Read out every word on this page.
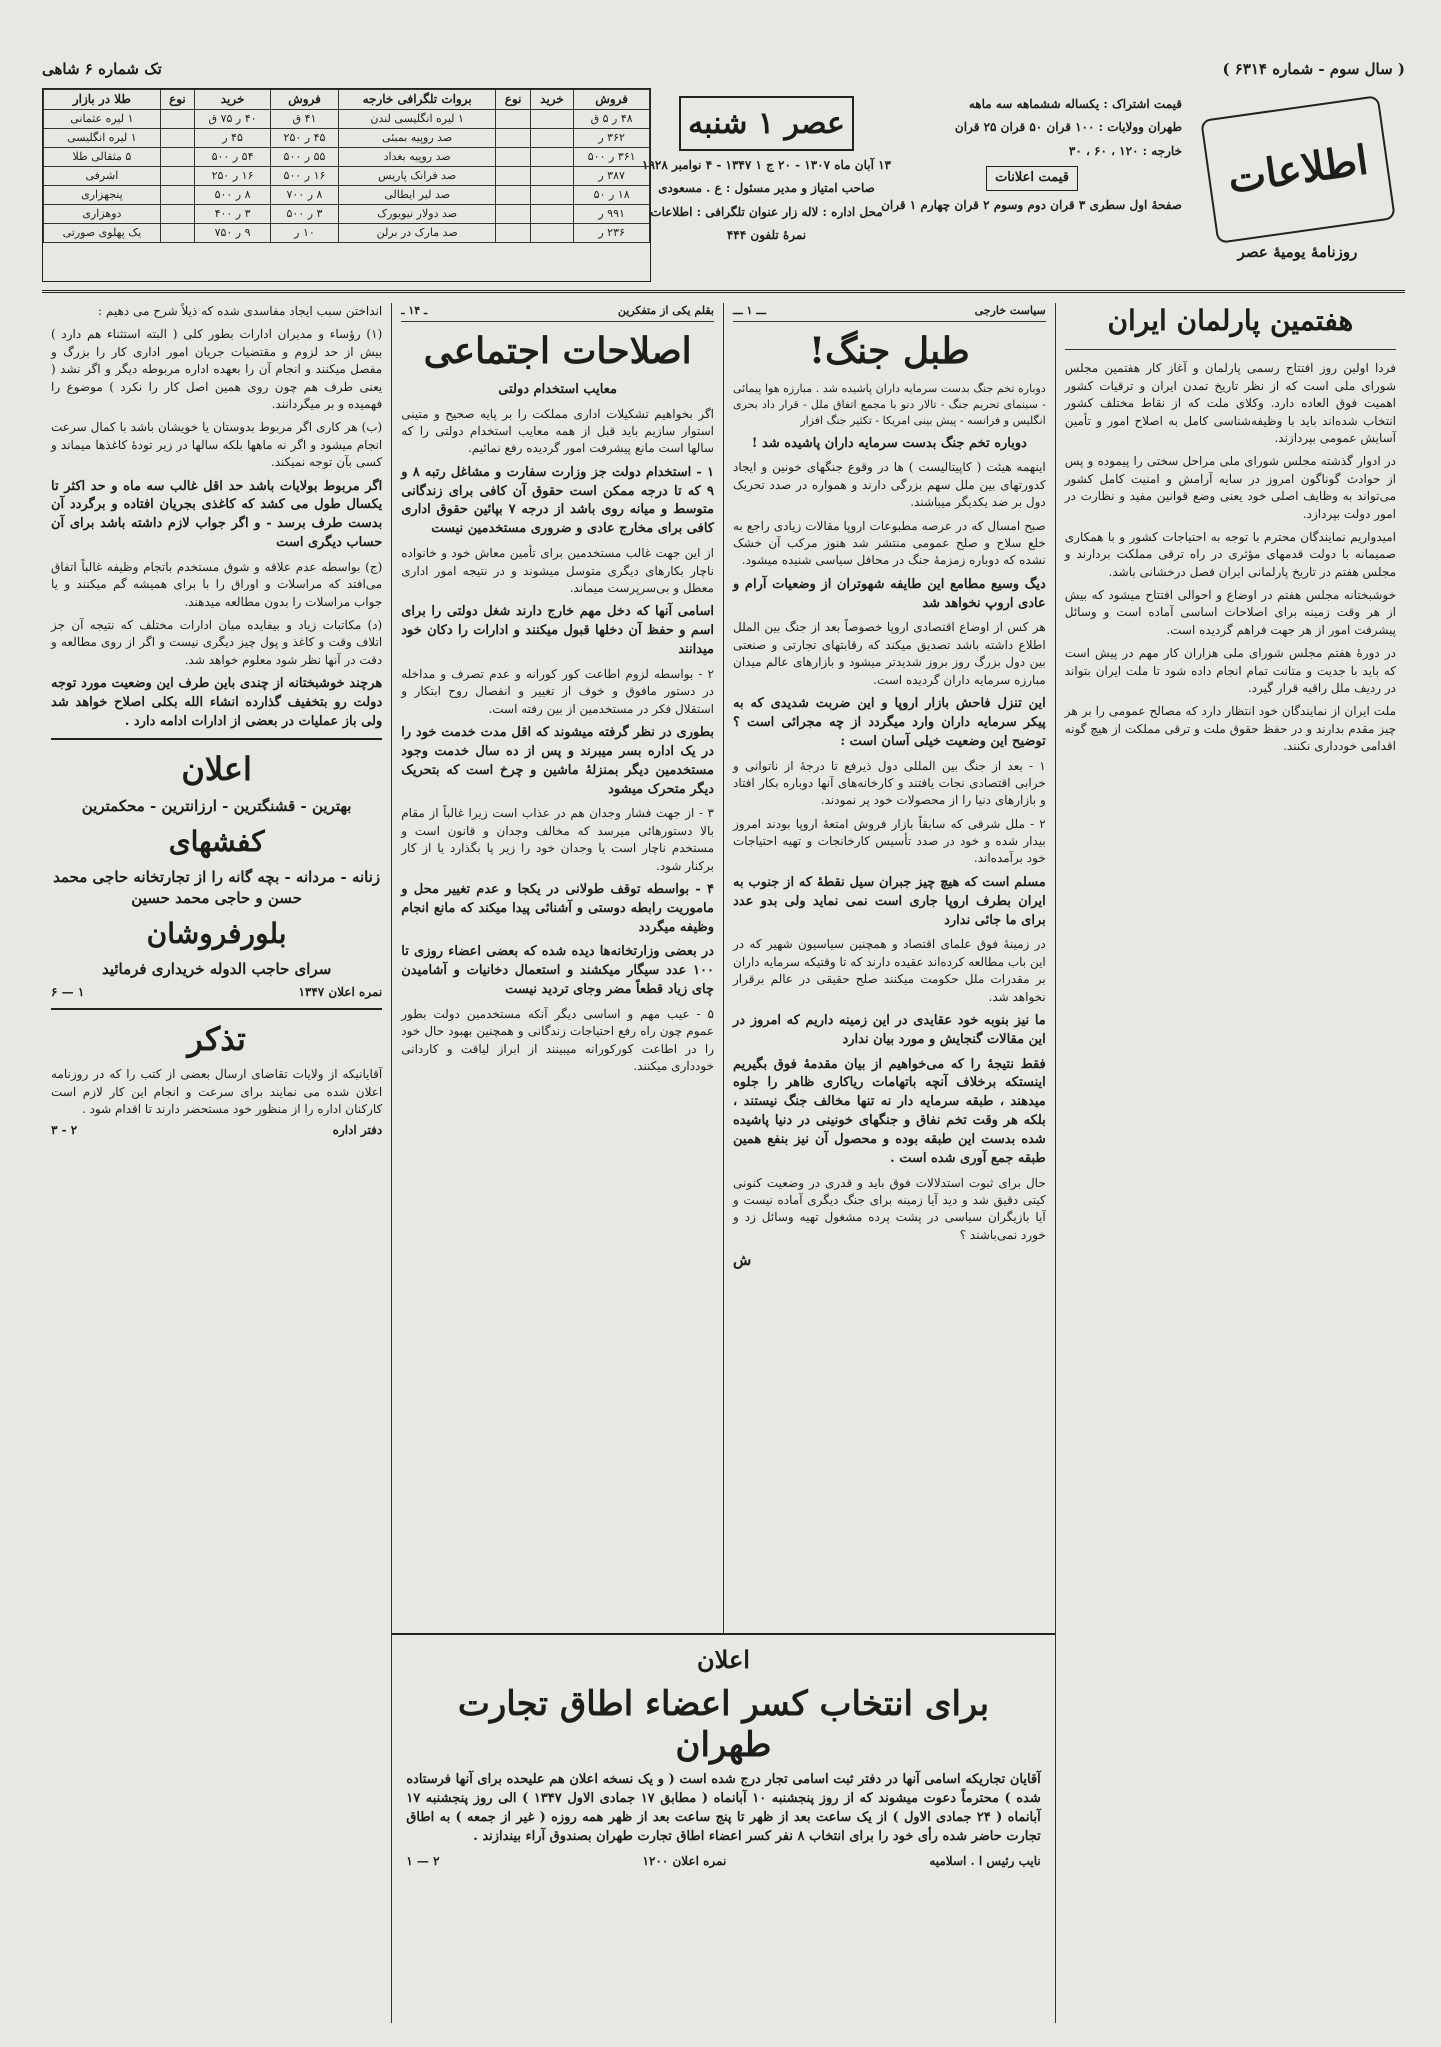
( سال سوم - شماره ۶۳۱۴ )
تک شماره ۶ شاهی
اطلاعات
روزنامهٔ یومیهٔ عصر
قیمت اشتراک : یکساله ششماهه سه ماهه
طهران وولایات : ۱۰۰ قران ۵۰ قران ۲۵ قران
خارجه : ۱۲۰ ، ۶۰ ، ۳۰
قیمت اعلانات
صفحهٔ اول سطری ۳ قران دوم وسوم ۲ قران چهارم ۱ قران
عصر ۱ شنبه
۱۳ آبان ماه ۱۳۰۷ - ۲۰ ج ۱ ۱۳۴۷ - ۴ نوامبر ۱۹۲۸
صاحب امتیاز و مدیر مسئول : ع . مسعودی
محل اداره : لاله زار عنوان تلگرافی : اطلاعات
نمرهٔ تلفون ۴۴۴
فروش	خرید	نوع	بروات تلگرافی خارجه	فروش	خرید	نوع	طلا در بازار
۴۸ ر ۵ ق			۱ لیره انگلیسی لندن	۴۱ ق	۴۰ ر ۷۵ ق		۱ لیره عثمانی
۳۶۲ ر			صد روپیه بمبئی	۴۵ ر ۲۵۰	۴۵ ر		۱ لیره انگلیسی
۳۶۱ ر ۵۰۰			صد روپیه بغداد	۵۵ ر ۵۰۰	۵۴ ر ۵۰۰		۵ مثقالی طلا
۳۸۷ ر			صد فرانک پاریس	۱۶ ر ۵۰۰	۱۶ ر ۲۵۰		اشرفی
۱۸ ر ۵۰			صد لیر ایطالی	۸ ر ۷۰۰	۸ ر ۵۰۰		پنجهزاری
۹۹۱ ر			صد دولار نیویورک	۳ ر ۵۰۰	۳ ر ۴۰۰		دوهزاری
۲۳۶ ر			صد مارک در برلن	۱۰ ر	۹ ر ۷۵۰		یک پهلوی صورتی
هفتمین پارلمان ایران
فردا اولین روز افتتاح رسمی پارلمان و آغاز کار هفتمین مجلس شورای ملی است که از نظر تاریخ تمدن ایران و ترقیات کشور اهمیت فوق العاده دارد. وکلای ملت که از نقاط مختلف کشور انتخاب شده‌اند باید با وظیفه‌شناسی کامل به اصلاح امور و تأمین آسایش عمومی بپردازند.
در ادوار گذشته مجلس شورای ملی مراحل سختی را پیموده و پس از حوادث گوناگون امروز در سایه آرامش و امنیت کامل کشور می‌تواند به وظایف اصلی خود یعنی وضع قوانین مفید و نظارت در امور دولت بپردازد.
امیدواریم نمایندگان محترم با توجه به احتیاجات کشور و با همکاری صمیمانه با دولت قدمهای مؤثری در راه ترقی مملکت بردارند و مجلس هفتم در تاریخ پارلمانی ایران فصل درخشانی باشد.
خوشبختانه مجلس هفتم در اوضاع و احوالی افتتاح میشود که بیش از هر وقت زمینه برای اصلاحات اساسی آماده است و وسائل پیشرفت امور از هر جهت فراهم گردیده است.
در دورهٔ هفتم مجلس شورای ملی هزاران کار مهم در پیش است که باید با جدیت و متانت تمام انجام داده شود تا ملت ایران بتواند در ردیف ملل راقیه قرار گیرد.
ملت ایران از نمایندگان خود انتظار دارد که مصالح عمومی را بر هر چیز مقدم بدارند و در حفظ حقوق ملت و ترقی مملکت از هیچ گونه اقدامی خودداری نکنند.
سیاست خارجی
ـــ ۱ ـــ
طبل جنگ!
دوباره تخم جنگ بدست سرمایه داران پاشیده شد . مبارزه هوا پیمائی - سینمای تحریم جنگ - تالار دنو با مجمع اتفاق ملل - قرار داد بحری انگلیس و فرانسه - پیش بینی امریکا - تکثیر جنگ افزار
دوباره تخم جنگ بدست سرمایه داران پاشیده شد !
اینهمه هیئت ( کاپیتالیست ) ها در وقوع جنگهای خونین و ایجاد کدورتهای بین ملل سهم بزرگی دارند و همواره در صدد تحریک دول بر ضد یکدیگر میباشند.
صبح امسال که در عرصه مطبوعات اروپا مقالات زیادی راجع به خلع سلاح و صلح عمومی منتشر شد هنوز مرکب آن خشک نشده که دوباره زمزمهٔ جنگ در محافل سیاسی شنیده میشود.
دیگ وسیع مطامع این طایفه شهوتران از وضعیات آرام و عادی اروپ نخواهد شد
هر کس از اوضاع اقتصادی اروپا خصوصاً بعد از جنگ بین الملل اطلاع داشته باشد تصدیق میکند که رقابتهای تجارتی و صنعتی بین دول بزرگ روز بروز شدیدتر میشود و بازارهای عالم میدان مبارزه سرمایه داران گردیده است.
این تنزل فاحش بازار اروپا و این ضربت شدیدی که به پیکر سرمایه داران وارد میگردد از چه مجرائی است ؟ توضیح این وضعیت خیلی آسان است :
۱ - بعد از جنگ بین المللی دول ذیرفع تا درجهٔ از ناتوانی و خرابی اقتصادی نجات یافتند و کارخانه‌های آنها دوباره بکار افتاد و بازارهای دنیا را از محصولات خود پر نمودند.
۲ - ملل شرقی که سابقاً بازار فروش امتعهٔ اروپا بودند امروز بیدار شده و خود در صدد تأسیس کارخانجات و تهیه احتیاجات خود برآمده‌اند.
مسلم است که هیچ چیز جبران سیل نقطهٔ که از جنوب به ایران بطرف اروپا جاری است نمی نماید ولی بدو عدد برای ما جائی ندارد
در زمینهٔ فوق علمای اقتصاد و همچنین سیاسیون شهیر که در این باب مطالعه کرده‌اند عقیده دارند که تا وقتیکه سرمایه داران بر مقدرات ملل حکومت میکنند صلح حقیقی در عالم برقرار نخواهد شد.
ما نیز بنوبه خود عقایدی در این زمینه داریم که امروز در این مقالات گنجایش و مورد بیان ندارد
فقط نتیجهٔ را که می‌خواهیم از بیان مقدمهٔ فوق بگیریم اینستکه برخلاف آنچه باتهامات ریاکاری ظاهر را جلوه میدهند ، طبقه سرمایه دار نه تنها مخالف جنگ نیستند ، بلکه هر وقت تخم نفاق و جنگهای خونینی در دنیا پاشیده شده بدست این طبقه بوده و محصول آن نیز بنفع همین طبقه جمع آوری شده است .
حال برای ثبوت استدلالات فوق باید و قدری در وضعیت کنونی کیتی دقیق شد و دید آیا زمینه برای جنگ دیگری آماده نیست و آیا بازیگران سیاسی در پشت پرده مشغول تهیه وسائل زد و خورد نمی‌باشند ؟
ش
بقلم یکی از متفکرین
ـ ۱۴ ـ
اصلاحات اجتماعی
معایب استخدام دولتی
اگر بخواهیم تشکیلات اداری مملکت را بر پایه صحیح و متینی استوار سازیم باید قبل از همه معایب استخدام دولتی را که سالها است مانع پیشرفت امور گردیده رفع نمائیم.
۱ - استخدام دولت جز وزارت سفارت و مشاغل رتبه ۸ و ۹ که تا درجه ممکن است حقوق آن کافی برای زندگانی متوسط و میانه روی باشد از درجه ۷ بپائین حقوق اداری کافی برای مخارج عادی و ضروری مستخدمین نیست
از این جهت غالب مستخدمین برای تأمین معاش خود و خانواده ناچار بکارهای دیگری متوسل میشوند و در نتیجه امور اداری معطل و بی‌سرپرست میماند.
اسامی آنها که دخل مهم خارج دارند شغل دولتی را برای اسم و حفظ آن دخلها قبول میکنند و ادارات را دکان خود میدانند
۲ - بواسطه لزوم اطاعت کور کورانه و عدم تصرف و مداخله در دستور مافوق و خوف از تغییر و انفصال روح ابتکار و استقلال فکر در مستخدمین از بین رفته است.
بطوری در نظر گرفته میشوند که اقل مدت خدمت خود را در یک اداره بسر میبرند و پس از ده سال خدمت وجود مستخدمین دیگر بمنزلهٔ ماشین و چرخ است که بتحریک دیگر متحرک میشود
۳ - از جهت فشار وجدان هم در عذاب است زیرا غالباً از مقام بالا دستورهائی میرسد که مخالف وجدان و قانون است و مستخدم ناچار است یا وجدان خود را زیر پا بگذارد یا از کار برکنار شود.
۴ - بواسطه توقف طولانی در یکجا و عدم تغییر محل و ماموریت رابطه دوستی و آشنائی پیدا میکند که مانع انجام وظیفه میگردد
در بعضی وزارتخانه‌ها دیده شده که بعضی اعضاء روزی تا ۱۰۰ عدد سیگار میکشند و استعمال دخانیات و آشامیدن چای زیاد قطعاً مضر وجای تردید نیست
۵ - عیب مهم و اساسی دیگر آنکه مستخدمین دولت بطور عموم چون راه رفع احتیاجات زندگانی و همچنین بهبود حال خود را در اطاعت کورکورانه میبینند از ابراز لیاقت و کاردانی خودداری میکنند.
اعلان
برای انتخاب کسر اعضاء اطاق تجارت طهران
آقایان تجاریکه اسامی آنها در دفتر ثبت اسامی تجار درج شده است ( و یک نسخه اعلان هم علیحده برای آنها فرستاده شده ) محترماً دعوت میشوند که از روز پنجشنبه ۱۰ آبانماه ( مطابق ۱۷ جمادی الاول ۱۳۴۷ ) الی روز پنجشنبه ۱۷ آبانماه ( ۲۴ جمادی الاول ) از یک ساعت بعد از ظهر تا پنج ساعت بعد از ظهر همه روزه ( غیر از جمعه ) به اطاق تجارت حاضر شده رأی خود را برای انتخاب ۸ نفر کسر اعضاء اطاق تجارت طهران بصندوق آراء بیندازند .
نایب رئیس ا . اسلامیه
نمره اعلان ۱۲۰۰
۲ — ۱
انداختن سبب ایجاد مفاسدی شده که ذیلاً شرح می دهیم :
(۱) رؤساء و مدیران ادارات بطور کلی ( البته استثناء هم دارد ) بیش از حد لزوم و مقتضیات جریان امور اداری کار را بزرگ و مفصل میکنند و انجام آن را بعهده اداره مربوطه دیگر و اگر نشد ( یعنی طرف هم چون روی همین اصل کار را نکرد ) موضوع را فهمیده و بر میگردانند.
(ب) هر کاری اگر مربوط بدوستان یا خویشان باشد با کمال سرعت انجام میشود و اگر نه ماهها بلکه سالها در زیر تودهٔ کاغذها میماند و کسی بآن توجه نمیکند.
اگر مربوط بولایات باشد حد اقل غالب سه ماه و حد اکثر تا یکسال طول می کشد که کاغذی بجریان افتاده و برگردد آن بدست طرف برسد - و اگر جواب لازم داشته باشد برای آن حساب دیگری است
(ج) بواسطه عدم علاقه و شوق مستخدم باتجام وظیفه غالباً اتفاق می‌افتد که مراسلات و اوراق را با برای همیشه گم میکنند و یا جواب مراسلات را بدون مطالعه میدهند.
(د) مکاتبات زیاد و بیفایده میان ادارات مختلف که نتیجه آن جز اتلاف وقت و کاغذ و پول چیز دیگری نیست و اگر از روی مطالعه و دقت در آنها نظر شود معلوم خواهد شد.
هرچند خوشبختانه از چندی باین طرف این وضعیت مورد توجه دولت رو بتخفیف گذارده انشاء الله بکلی اصلاح خواهد شد ولی باز عملیات در بعضی از ادارات ادامه دارد .
اعلان
بهترین - قشنگترین - ارزانترین - محکمترین
کفشهای
زنانه - مردانه - بچه گانه را از تجارتخانه حاجی محمد حسن و حاجی محمد حسین
بلورفروشان
سرای حاجب الدوله خریداری فرمائید
نمره اعلان ۱۳۴۷
۱ — ۶
تذکر
آقایانیکه از ولایات تقاضای ارسال بعضی از کتب را که در روزنامه اعلان شده می نمایند برای سرعت و انجام این کار لازم است کارکنان اداره را از منظور خود مستحضر دارند تا اقدام شود .
دفتر اداره
۲ - ۳
